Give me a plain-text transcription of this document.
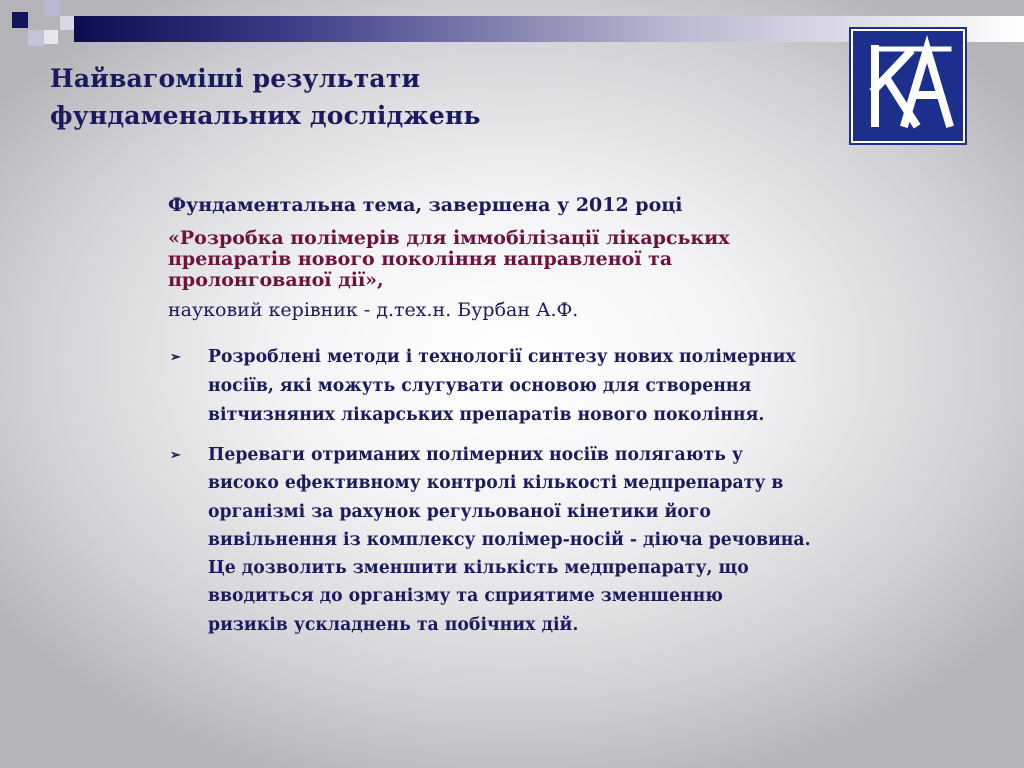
Найвагоміші результати
фундаменальних досліджень
Фундаментальна тема, завершена у 2012 році
«Розробка полімерів для іммобілізації лікарських
препаратів нового покоління направленої та
пролонгованої дії»,
науковий керівник - д.тех.н. Бурбан А.Ф.
➢ Розроблені методи і технології синтезу нових полімерних
носіїв, які можуть слугувати основою для створення
вітчизняних лікарських препаратів нового покоління.
➢ Переваги отриманих полімерних носіїв полягають у
високо ефективному контролі кількості медпрепарату в
організмі за рахунок регульованої кінетики його
вивільнення із комплексу полімер-носій - діюча речовина.
Це дозволить зменшити кількість медпрепарату, що
вводиться до організму та сприятиме зменшенню
ризиків ускладнень та побічних дій.
